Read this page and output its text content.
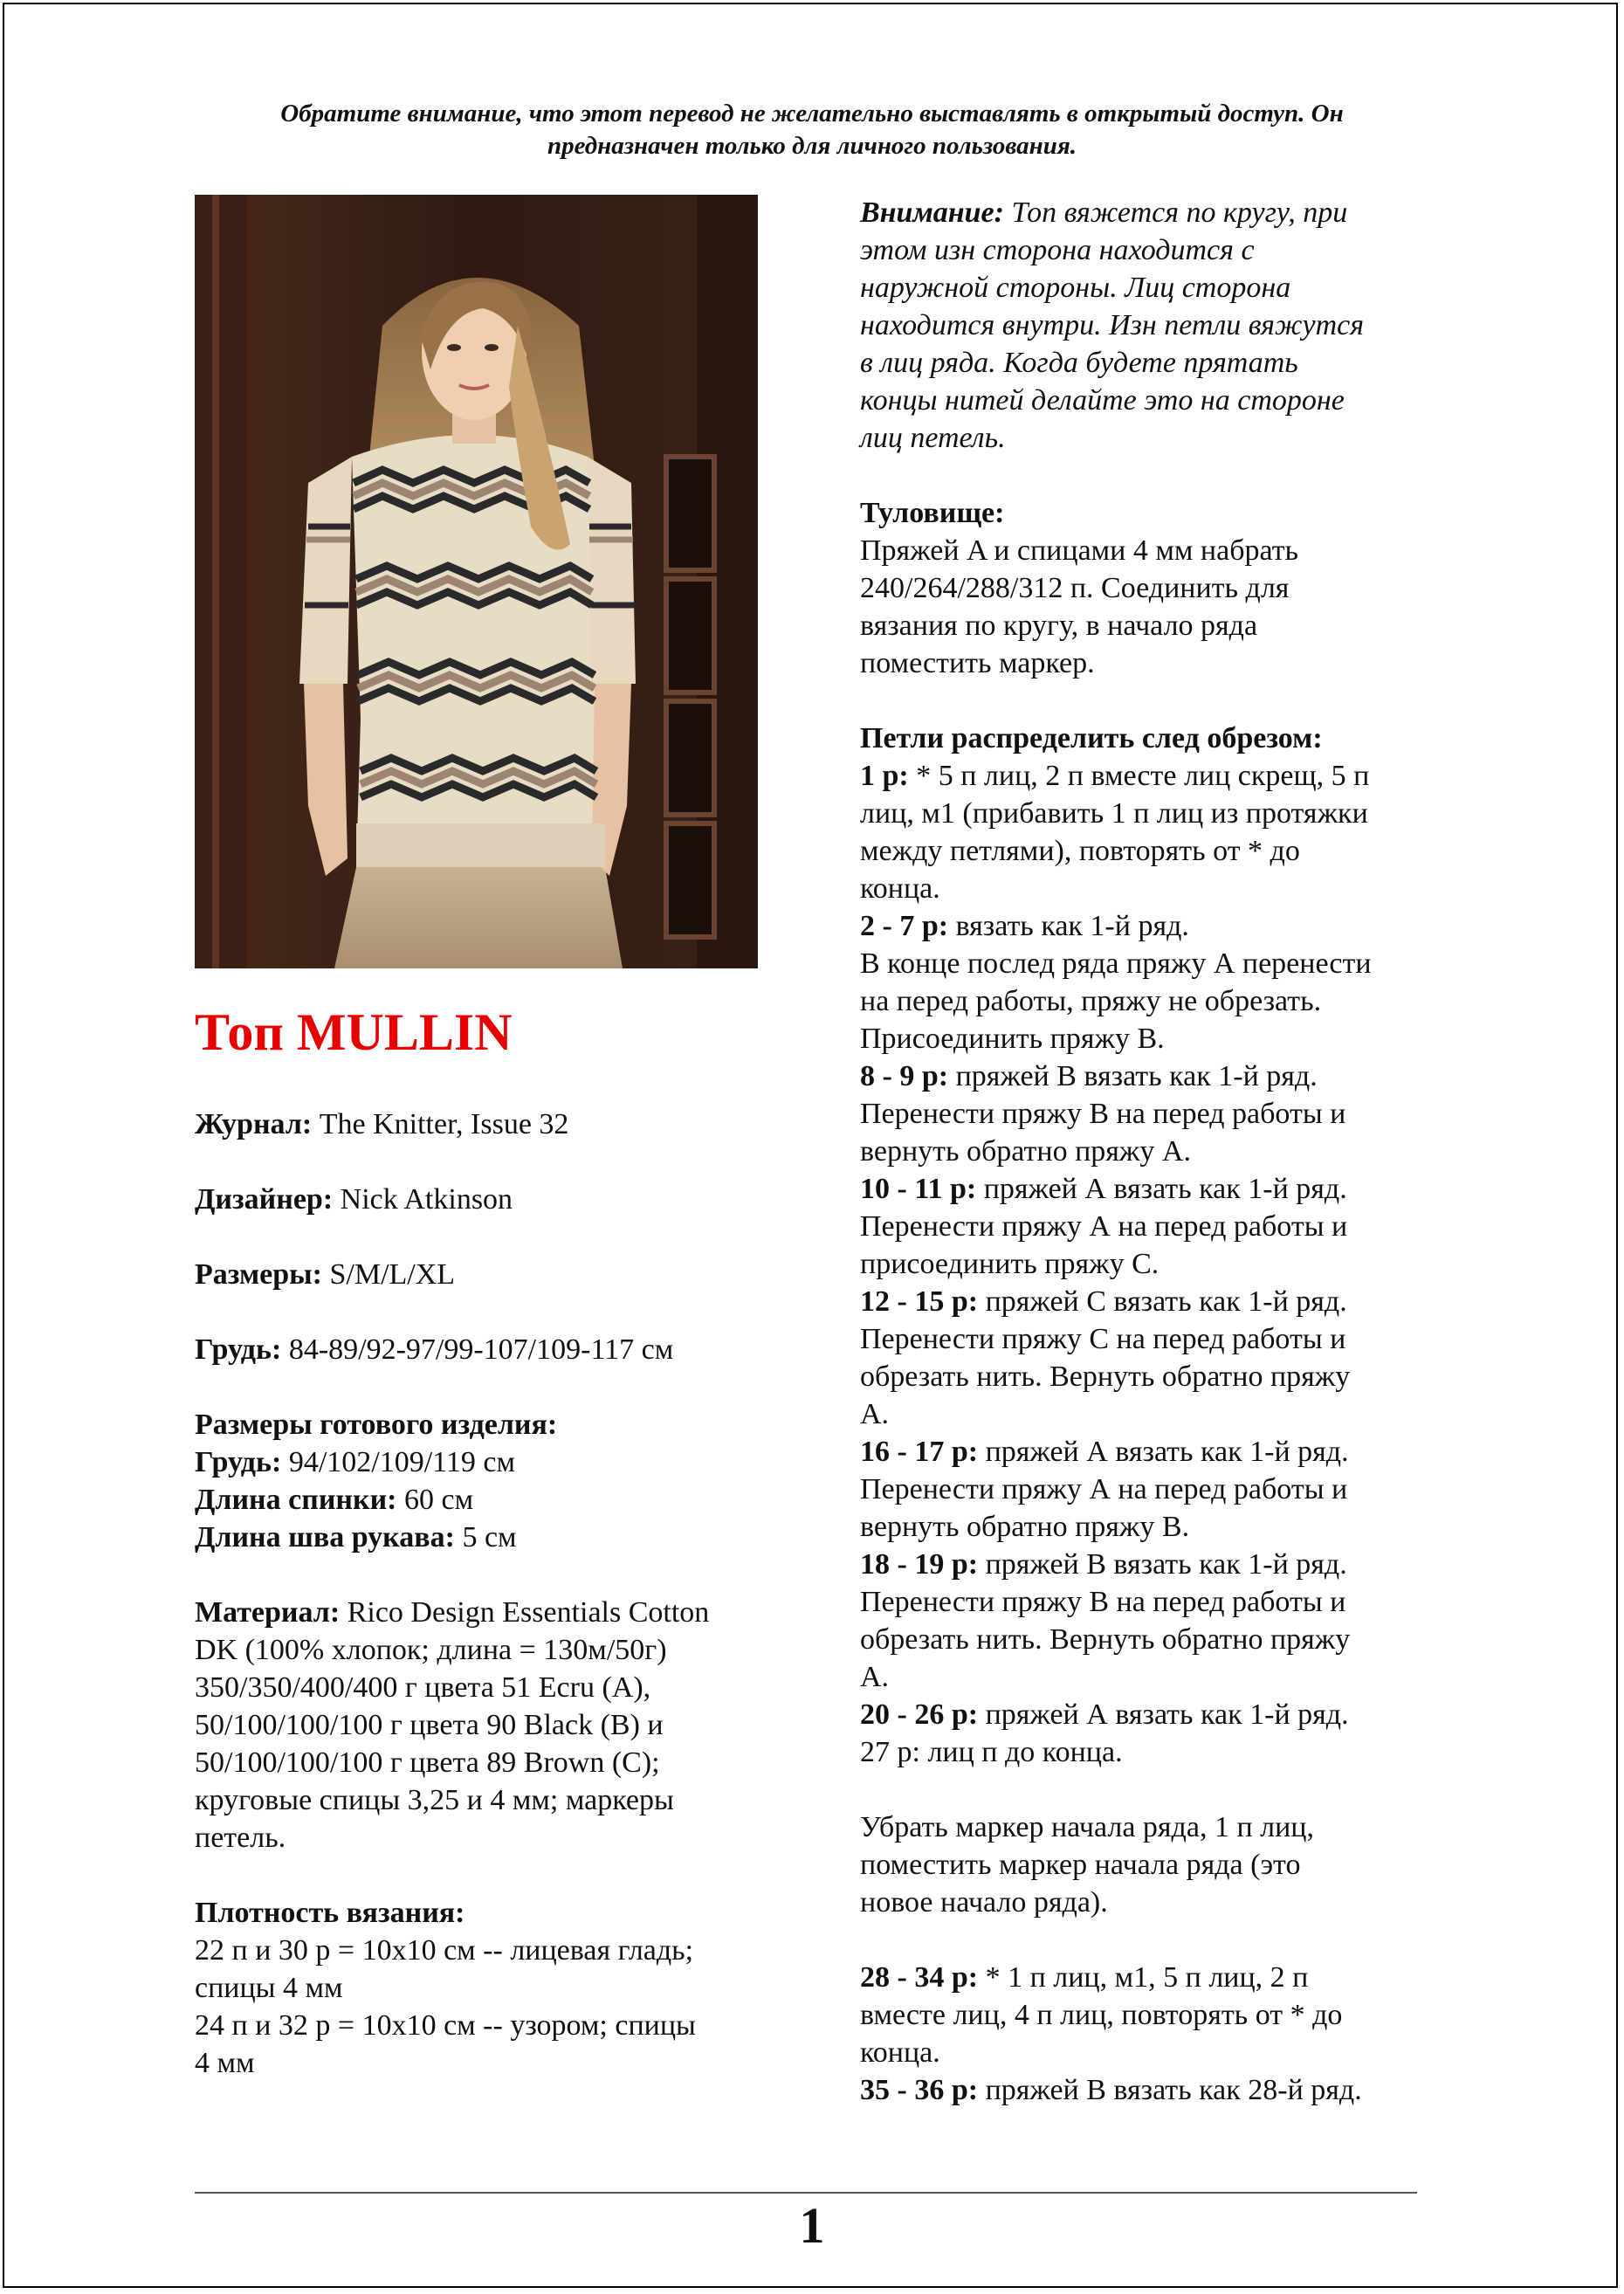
Обратите внимание, что этот перевод не желательно выставлять в открытый доступ. Он
предназначен только для личного пользования.
Топ MULLIN
Журнал: The Knitter, Issue 32
Дизайнер: Nick Atkinson
Размеры: S/M/L/XL
Грудь: 84-89/92-97/99-107/109-117 см
Размеры готового изделия:
Грудь: 94/102/109/119 см
Длина спинки: 60 см
Длина шва рукава: 5 см
Материал: Rico Design Essentials Cotton
DK (100% хлопок; длина = 130м/50г)
350/350/400/400 г цвета 51 Ecru (A),
50/100/100/100 г цвета 90 Black (B) и
50/100/100/100 г цвета 89 Brown (C);
круговые спицы 3,25 и 4 мм; маркеры
петель.
Плотность вязания:
22 п и 30 р = 10х10 см -- лицевая гладь;
спицы 4 мм
24 п и 32 р = 10х10 см -- узором; спицы
4 мм
Внимание: Топ вяжется по кругу, при
этом изн сторона находится с
наружной стороны. Лиц сторона
находится внутри. Изн петли вяжутся
в лиц ряда. Когда будете прятать
концы нитей делайте это на стороне
лиц петель.
Туловище:
Пряжей A и спицами 4 мм набрать
240/264/288/312 п. Соединить для
вязания по кругу, в начало ряда
поместить маркер.
Петли распределить след обрезом:
1 р: * 5 п лиц, 2 п вместе лиц скрещ, 5 п
лиц, м1 (прибавить 1 п лиц из протяжки
между петлями), повторять от * до
конца.
2 - 7 р: вязать как 1-й ряд.
В конце послед ряда пряжу А перенести
на перед работы, пряжу не обрезать.
Присоединить пряжу В.
8 - 9 р: пряжей В вязать как 1-й ряд.
Перенести пряжу В на перед работы и
вернуть обратно пряжу А.
10 - 11 р: пряжей А вязать как 1-й ряд.
Перенести пряжу А на перед работы и
присоединить пряжу С.
12 - 15 р: пряжей С вязать как 1-й ряд.
Перенести пряжу С на перед работы и
обрезать нить. Вернуть обратно пряжу
А.
16 - 17 р: пряжей А вязать как 1-й ряд.
Перенести пряжу А на перед работы и
вернуть обратно пряжу В.
18 - 19 р: пряжей В вязать как 1-й ряд.
Перенести пряжу В на перед работы и
обрезать нить. Вернуть обратно пряжу
А.
20 - 26 р: пряжей А вязать как 1-й ряд.
27 р: лиц п до конца.
Убрать маркер начала ряда, 1 п лиц,
поместить маркер начала ряда (это
новое начало ряда).
28 - 34 р: * 1 п лиц, м1, 5 п лиц, 2 п
вместе лиц, 4 п лиц, повторять от * до
конца.
35 - 36 р: пряжей В вязать как 28-й ряд.
1
